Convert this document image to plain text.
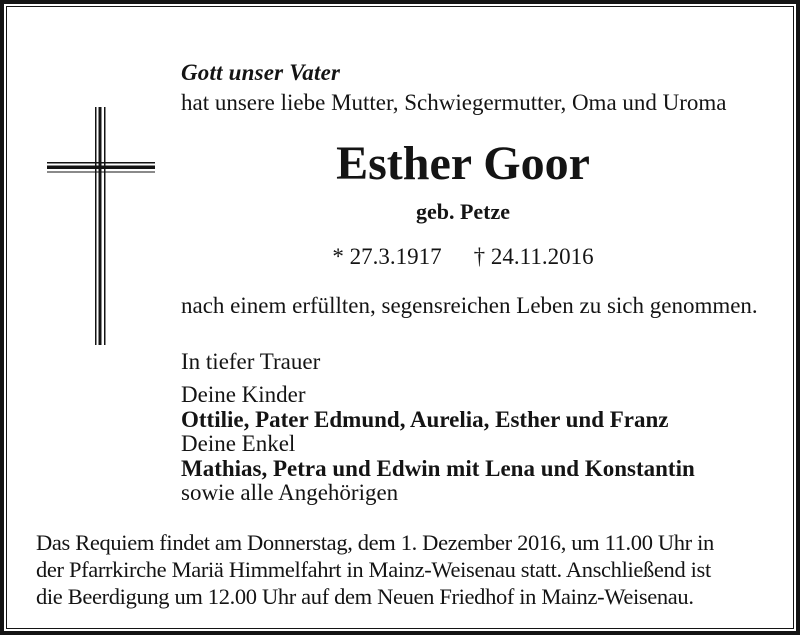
Gott unser Vater
hat unsere liebe Mutter, Schwiegermutter, Oma und Uroma
Esther Goor
geb. Petze
* 27.3.1917 † 24.11.2016
nach einem erfüllten, segensreichen Leben zu sich genommen.
In tiefer Trauer
Deine Kinder
Ottilie, Pater Edmund, Aurelia, Esther und Franz
Deine Enkel
Mathias, Petra und Edwin mit Lena und Konstantin
sowie alle Angehörigen
Das Requiem findet am Donnerstag, dem 1. Dezember 2016, um 11.00 Uhr in
der Pfarrkirche Mariä Himmelfahrt in Mainz-Weisenau statt. Anschließend ist
die Beerdigung um 12.00 Uhr auf dem Neuen Friedhof in Mainz-Weisenau.
